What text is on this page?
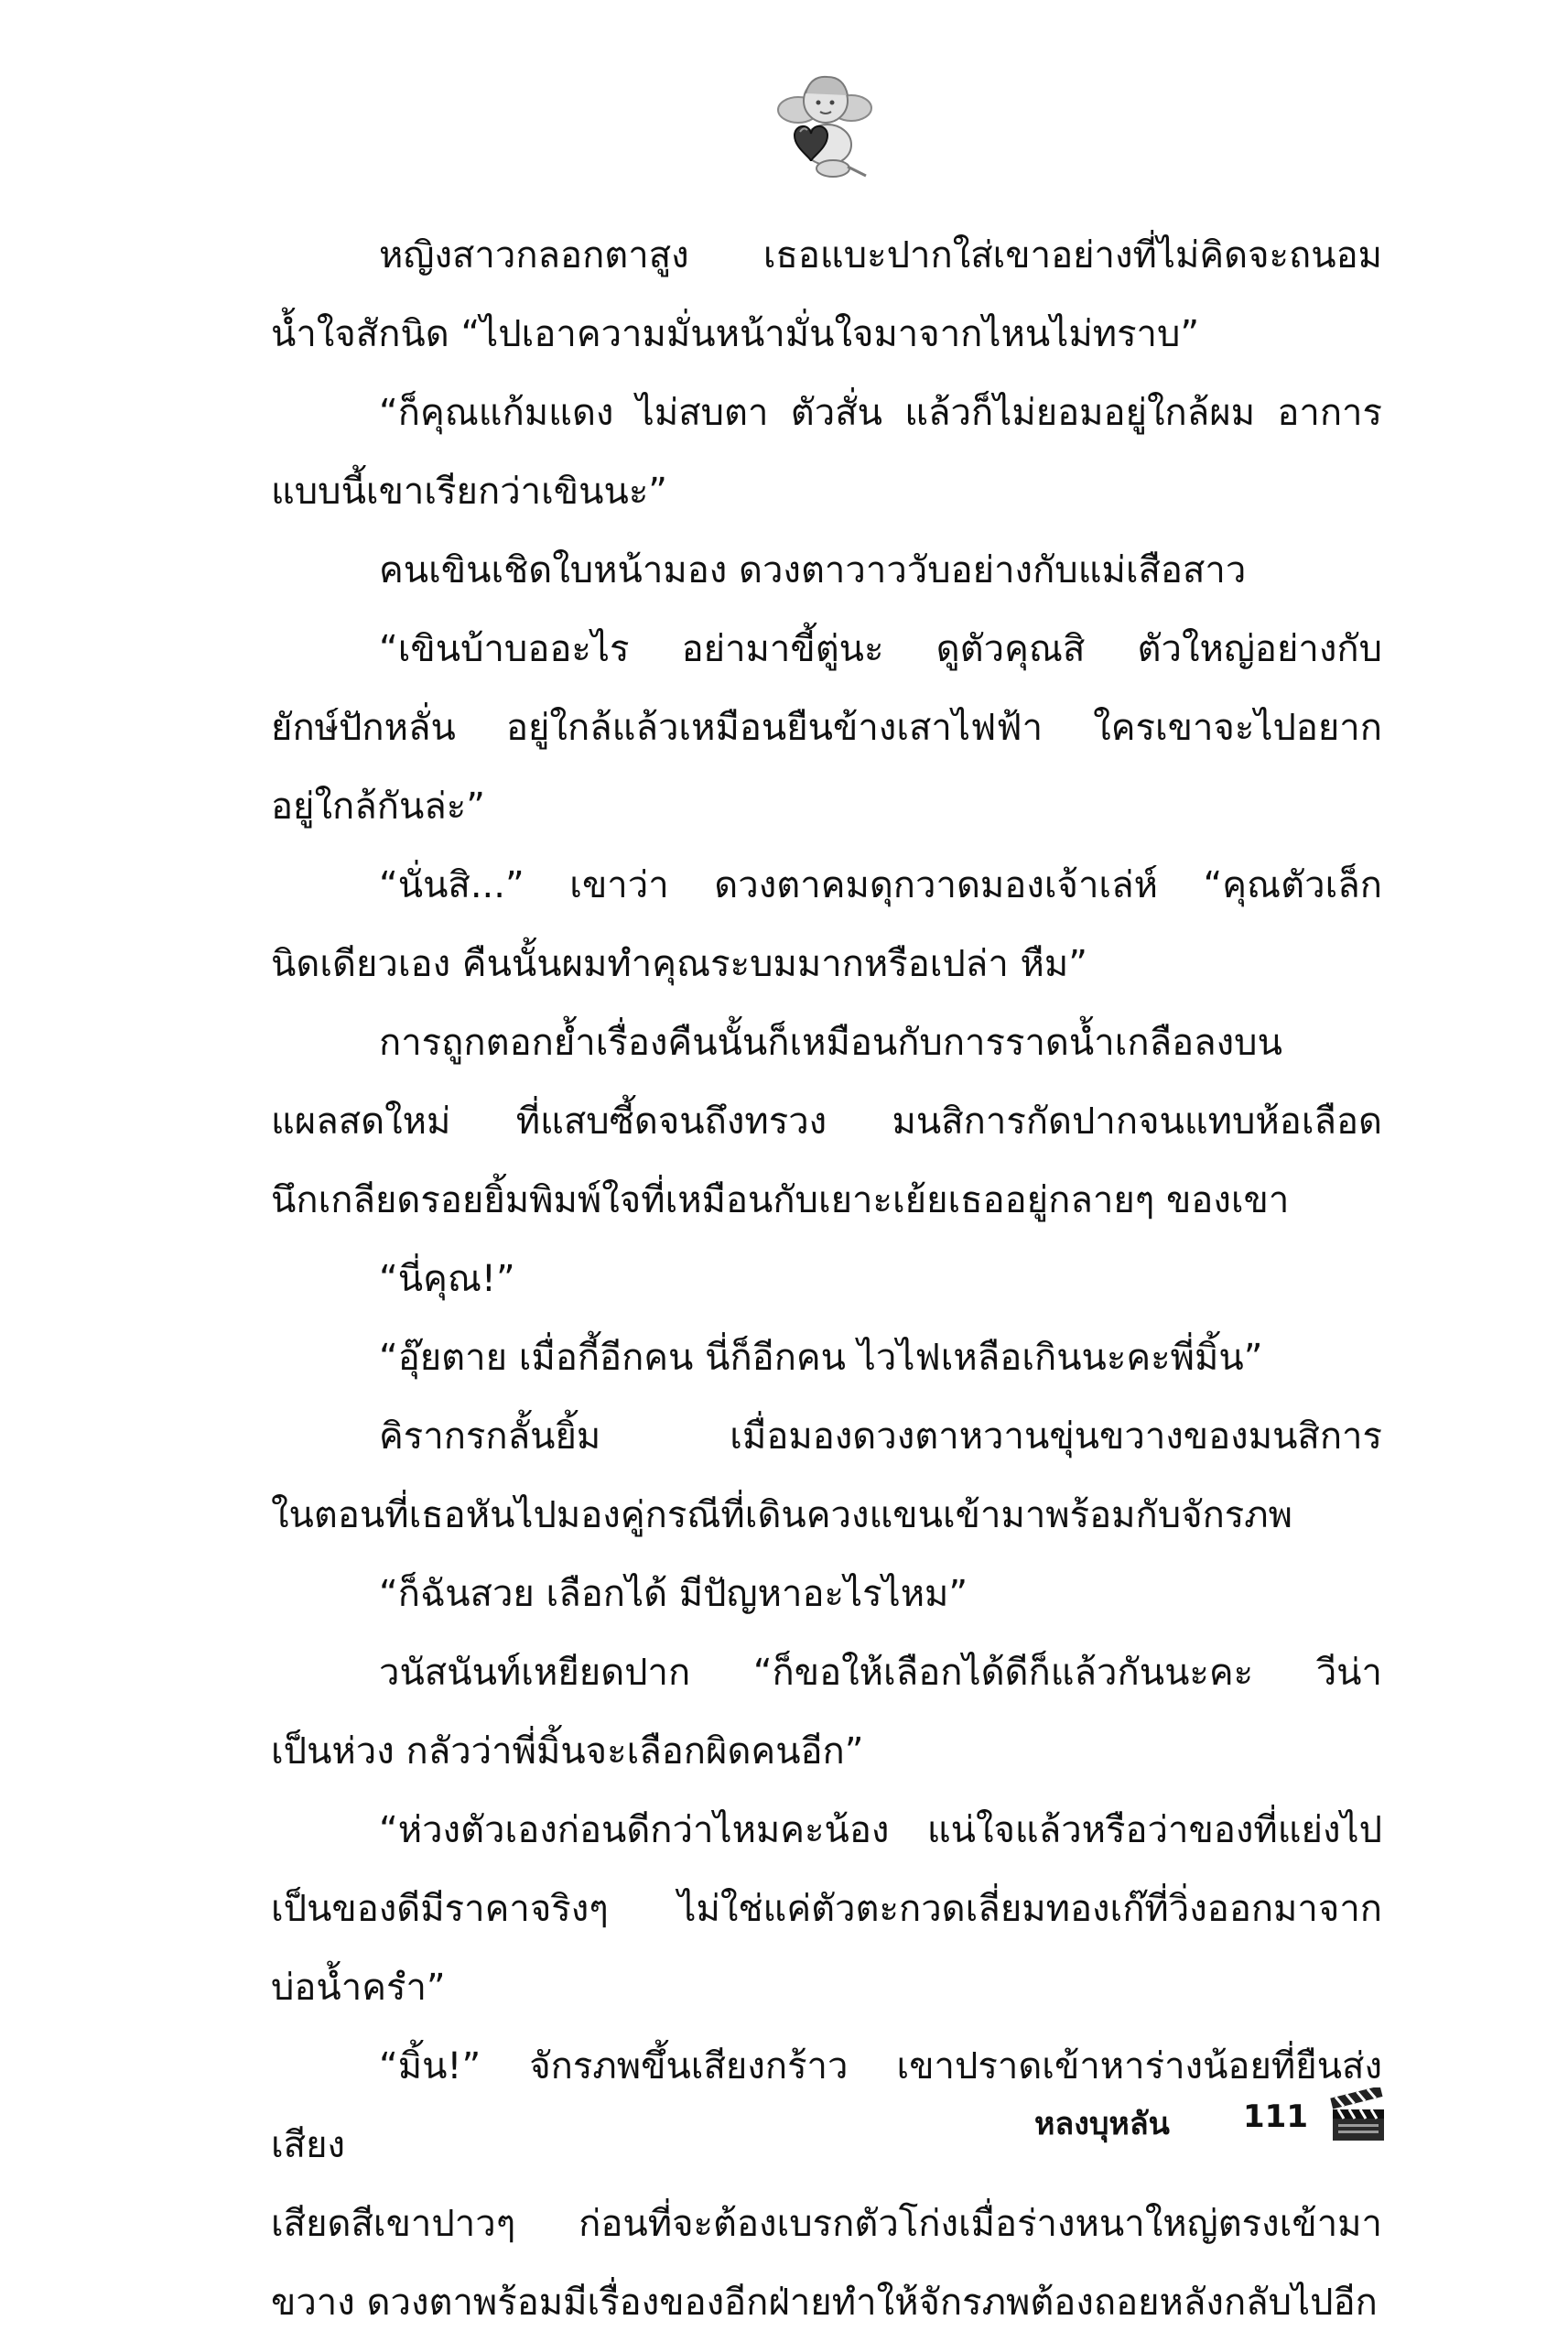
หญิงสาวกลอกตาสูง เธอแบะปากใส่เขาอย่างที่ไม่คิดจะถนอม
น้ำใจสักนิด “ไปเอาความมั่นหน้ามั่นใจมาจากไหนไม่ทราบ”

“ก็คุณแก้มแดง ไม่สบตา ตัวสั่น แล้วก็ไม่ยอมอยู่ใกล้ผม อาการ
แบบนี้เขาเรียกว่าเขินนะ”

คนเขินเชิดใบหน้ามอง ดวงตาวาววับอย่างกับแม่เสือสาว

“เขินบ้าบออะไร อย่ามาขี้ตู่นะ ดูตัวคุณสิ ตัวใหญ่อย่างกับ
ยักษ์ปักหลั่น อยู่ใกล้แล้วเหมือนยืนข้างเสาไฟฟ้า ใครเขาจะไปอยาก
อยู่ใกล้กันล่ะ”

“นั่นสิ...” เขาว่า ดวงตาคมดุกวาดมองเจ้าเล่ห์ “คุณตัวเล็ก
นิดเดียวเอง คืนนั้นผมทำคุณระบมมากหรือเปล่า หืม”

การถูกตอกย้ำเรื่องคืนนั้นก็เหมือนกับการราดน้ำเกลือลงบน
แผลสดใหม่ ที่แสบซี้ดจนถึงทรวง มนสิการกัดปากจนแทบห้อเลือด
นึกเกลียดรอยยิ้มพิมพ์ใจที่เหมือนกับเยาะเย้ยเธออยู่กลายๆ ของเขา

“นี่คุณ!”

“อุ๊ยตาย เมื่อกี้อีกคน นี่ก็อีกคน ไวไฟเหลือเกินนะคะพี่มิ้น”

คิรากรกลั้นยิ้ม เมื่อมองดวงตาหวานขุ่นขวางของมนสิการ
ในตอนที่เธอหันไปมองคู่กรณีที่เดินควงแขนเข้ามาพร้อมกับจักรภพ

“ก็ฉันสวย เลือกได้ มีปัญหาอะไรไหม”

วนัสนันท์เหยียดปาก “ก็ขอให้เลือกได้ดีก็แล้วกันนะคะ วีน่า
เป็นห่วง กลัวว่าพี่มิ้นจะเลือกผิดคนอีก”

“ห่วงตัวเองก่อนดีกว่าไหมคะน้อง แน่ใจแล้วหรือว่าของที่แย่งไป
เป็นของดีมีราคาจริงๆ ไม่ใช่แค่ตัวตะกวดเลี่ยมทองเก๊ที่วิ่งออกมาจาก
บ่อน้ำครำ”

“มิ้น!” จักรภพขึ้นเสียงกร้าว เขาปราดเข้าหาร่างน้อยที่ยืนส่งเสียง
เสียดสีเขาปาวๆ ก่อนที่จะต้องเบรกตัวโก่งเมื่อร่างหนาใหญ่ตรงเข้ามา
ขวาง ดวงตาพร้อมมีเรื่องของอีกฝ่ายทำให้จักรภพต้องถอยหลังกลับไปอีก

หลงบุหลัน 111
